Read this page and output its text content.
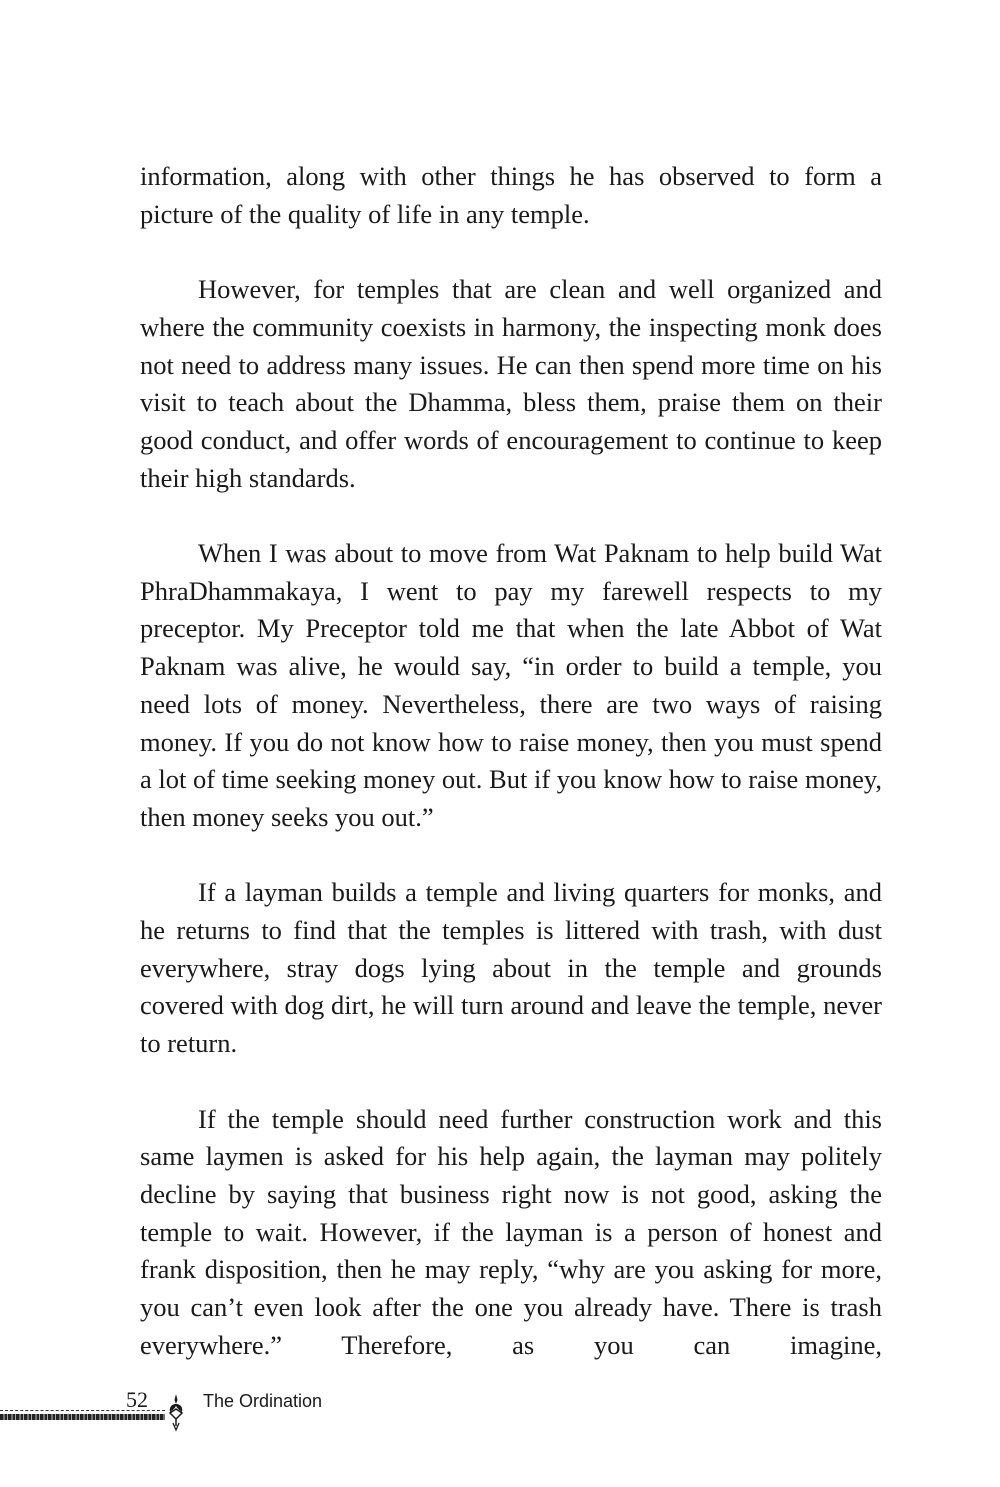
information, along with other things he has observed to form a picture of the quality of life in any temple.

However, for temples that are clean and well organized and where the community coexists in harmony, the inspecting monk does not need to address many issues. He can then spend more time on his visit to teach about the Dhamma, bless them, praise them on their good conduct, and offer words of encouragement to continue to keep their high standards.

When I was about to move from Wat Paknam to help build Wat PhraDhammakaya, I went to pay my farewell respects to my preceptor. My Preceptor told me that when the late Abbot of Wat Paknam was alive, he would say, “in order to build a temple, you need lots of money. Nevertheless, there are two ways of raising money. If you do not know how to raise money, then you must spend a lot of time seeking money out. But if you know how to raise money, then money seeks you out.”

If a layman builds a temple and living quarters for monks, and he returns to find that the temples is littered with trash, with dust everywhere, stray dogs lying about in the temple and grounds covered with dog dirt, he will turn around and leave the temple, never to return.

If the temple should need further construction work and this same laymen is asked for his help again, the layman may politely decline by saying that business right now is not good, asking the temple to wait. However, if the layman is a person of honest and frank disposition, then he may reply, “why are you asking for more, you can’t even look after the one you already have. There is trash everywhere.” Therefore, as you can imagine,

52	The Ordination
